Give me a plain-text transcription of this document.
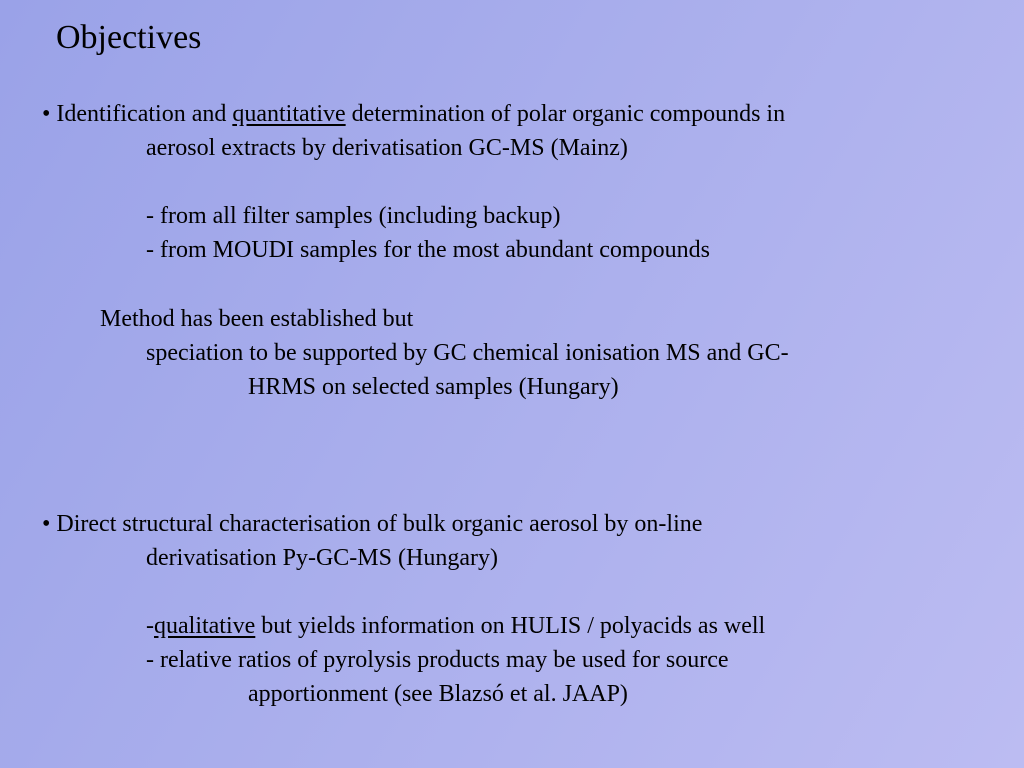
Objectives
• Identification and quantitative determination of polar organic compounds in
aerosol extracts by derivatisation GC-MS (Mainz)
- from all filter samples (including backup)
- from MOUDI samples for the most abundant compounds
Method has been established but
speciation to be supported by GC chemical ionisation MS and GC-
HRMS on selected samples (Hungary)
• Direct structural characterisation of bulk organic aerosol by on-line
derivatisation Py-GC-MS (Hungary)
-qualitative but yields information on HULIS / polyacids as well
- relative ratios of pyrolysis products may be used for source
apportionment (see Blazsó et al. JAAP)
